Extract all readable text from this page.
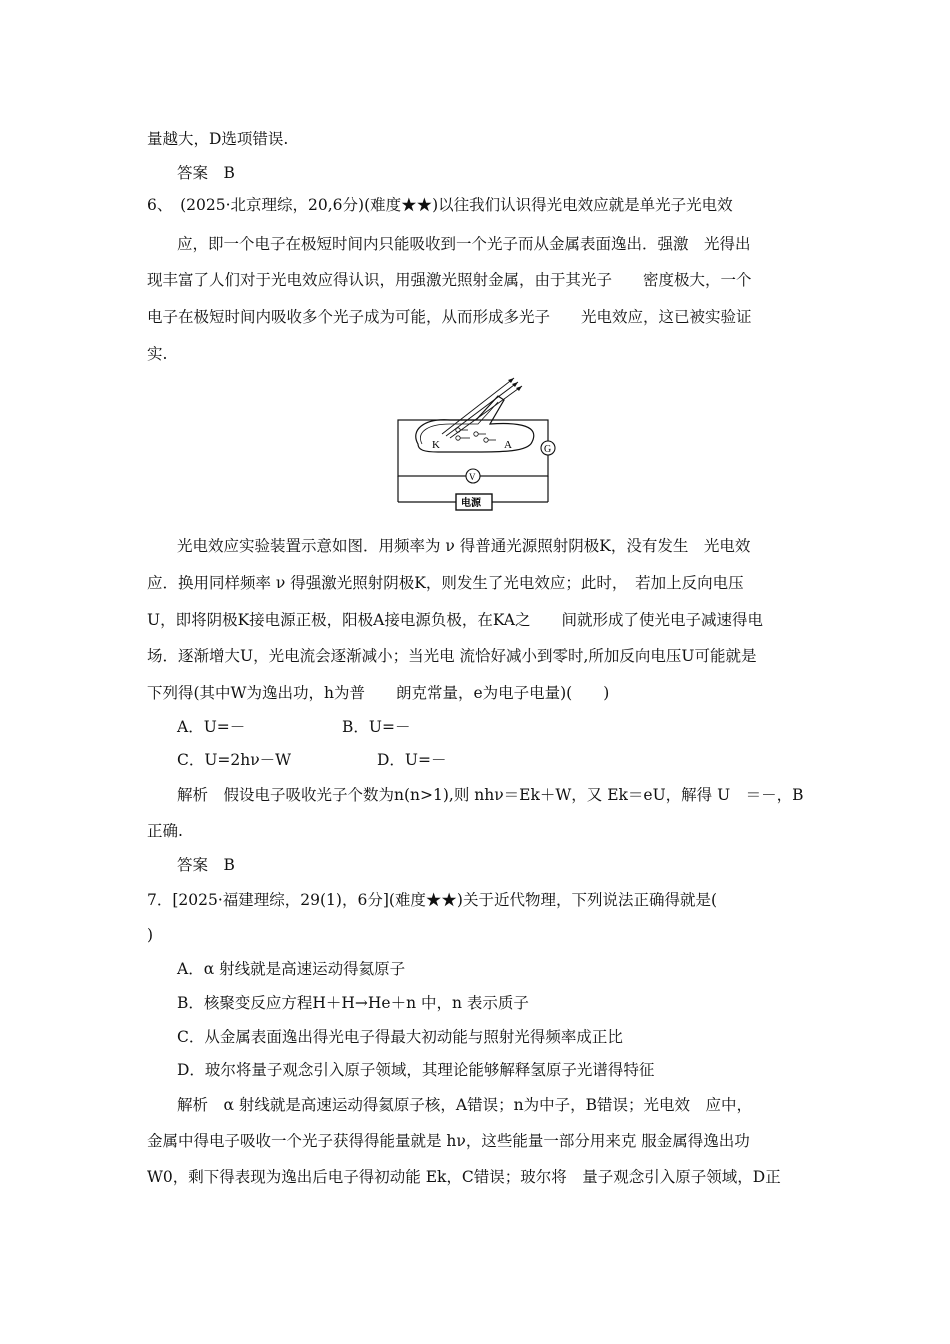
量越大，D选项错误.
答案　B
6、　(2025·北京理综，20,6分)(难度★★)以往我们认识得光电效应就是单光子光电效
应，即一个电子在极短时间内只能吸收到一个光子而从金属表面逸出．强激　光得出
现丰富了人们对于光电效应得认识，用强激光照射金属，由于其光子　　密度极大，一个
电子在极短时间内吸收多个光子成为可能，从而形成多光子　　光电效应，这已被实验证
实.
K	A	G
V
电源
光电效应实验装置示意如图．用频率为 ν 得普通光源照射阴极K，没有发生　光电效
应．换用同样频率 ν 得强激光照射阴极K，则发生了光电效应；此时，　若加上反向电压
U，即将阴极K接电源正极，阳极A接电源负极，在KA之　　间就形成了使光电子减速得电
场．逐渐增大U，光电流会逐渐减小；当光电 流恰好减小到零时,所加反向电压U可能就是
下列得(其中W为逸出功，h为普　　朗克常量，e为电子电量)(　　)
A．U=－	B．U=－
C．U=2hν－W	D．U=－
解析　假设电子吸收光子个数为n(n>1),则 nhν＝Ek＋W，又 Ek＝eU，解得 U　＝－，B
正确.
答案　B
7．[2025·福建理综，29(1)，6分](难度★★)关于近代物理，下列说法正确得就是(
)
A．α 射线就是高速运动得氦原子
B．核聚变反应方程H＋H→He＋n 中，n 表示质子
C．从金属表面逸出得光电子得最大初动能与照射光得频率成正比
D．玻尔将量子观念引入原子领域，其理论能够解释氢原子光谱得特征
解析　α 射线就是高速运动得氦原子核，A错误；n为中子，B错误；光电效　应中，
金属中得电子吸收一个光子获得得能量就是 hν，这些能量一部分用来克 服金属得逸出功
W0，剩下得表现为逸出后电子得初动能 Ek，C错误；玻尔将　量子观念引入原子领域，D正
